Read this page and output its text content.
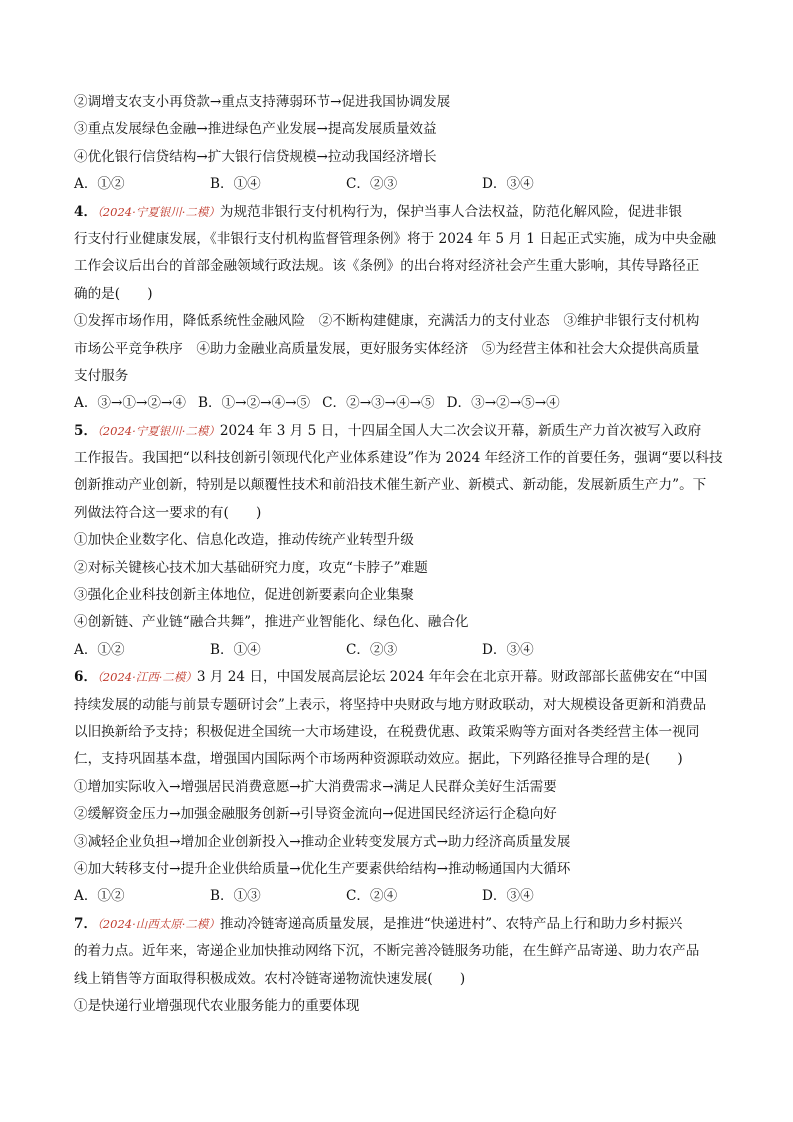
②调增支农支小再贷款→重点支持薄弱环节→促进我国协调发展
③重点发展绿色金融→推进绿色产业发展→提高发展质量效益
④优化银行信贷结构→扩大银行信贷规模→拉动我国经济增长
A．①②	B．①④	C．②③	D．③④
4．（2024·宁夏银川·二模）为规范非银行支付机构行为，保护当事人合法权益，防范化解风险，促进非银
行支付行业健康发展，《非银行支付机构监督管理条例》将于 2024 年 5 月 1 日起正式实施，成为中央金融
工作会议后出台的首部金融领域行政法规。该《条例》的出台将对经济社会产生重大影响，其传导路径正
确的是(　　)
①发挥市场作用，降低系统性金融风险　②不断构建健康，充满活力的支付业态　③维护非银行支付机构
市场公平竞争秩序　④助力金融业高质量发展，更好服务实体经济　⑤为经营主体和社会大众提供高质量
支付服务
A．③→①→②→④ B．①→②→④→⑤ C．②→③→④→⑤ D．③→②→⑤→④
5．（2024·宁夏银川·二模）2024 年 3 月 5 日，十四届全国人大二次会议开幕，新质生产力首次被写入政府
工作报告。我国把“以科技创新引领现代化产业体系建设”作为 2024 年经济工作的首要任务，强调“要以科技
创新推动产业创新，特别是以颠覆性技术和前沿技术催生新产业、新模式、新动能，发展新质生产力”。下
列做法符合这一要求的有(　　)
①加快企业数字化、信息化改造，推动传统产业转型升级
②对标关键核心技术加大基础研究力度，攻克“卡脖子”难题
③强化企业科技创新主体地位，促进创新要素向企业集聚
④创新链、产业链“融合共舞”，推进产业智能化、绿色化、融合化
A．①②	B．①④	C．②③	D．③④
6．（2024·江西·二模）3 月 24 日，中国发展高层论坛 2024 年年会在北京开幕。财政部部长蓝佛安在“中国
持续发展的动能与前景专题研讨会”上表示，将坚持中央财政与地方财政联动，对大规模设备更新和消费品
以旧换新给予支持；积极促进全国统一大市场建设，在税费优惠、政策采购等方面对各类经营主体一视同
仁，支持巩固基本盘，增强国内国际两个市场两种资源联动效应。据此，下列路径推导合理的是(　　)
①增加实际收入→增强居民消费意愿→扩大消费需求→满足人民群众美好生活需要
②缓解资金压力→加强金融服务创新→引导资金流向→促进国民经济运行企稳向好
③减轻企业负担→增加企业创新投入→推动企业转变发展方式→助力经济高质量发展
④加大转移支付→提升企业供给质量→优化生产要素供给结构→推动畅通国内大循环
A．①②	B．①③	C．②④	D．③④
7．（2024·山西太原·二模）推动冷链寄递高质量发展，是推进“快递进村”、农特产品上行和助力乡村振兴
的着力点。近年来，寄递企业加快推动网络下沉，不断完善冷链服务功能，在生鲜产品寄递、助力农产品
线上销售等方面取得积极成效。农村冷链寄递物流快速发展(　　)
①是快递行业增强现代农业服务能力的重要体现
